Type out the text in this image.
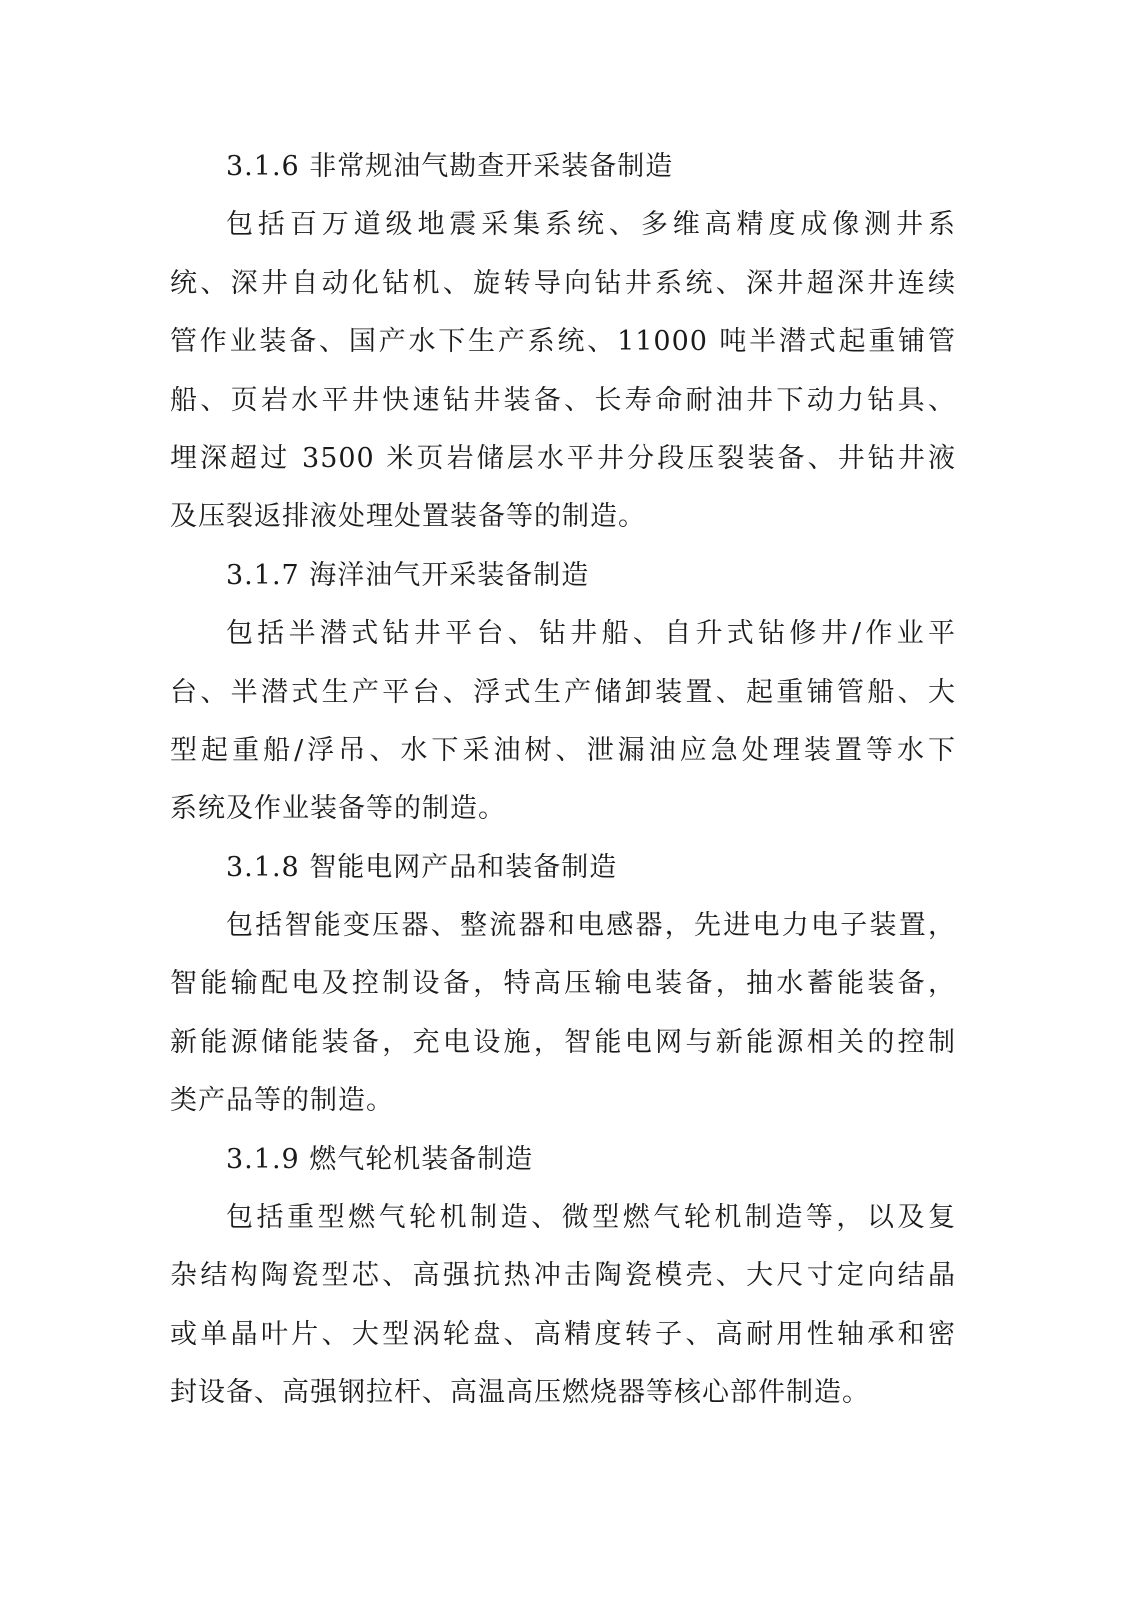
3.1.6 非常规油气勘查开采装备制造
包括百万道级地震采集系统、多维高精度成像测井系
统、深井自动化钻机、旋转导向钻井系统、深井超深井连续
管作业装备、国产水下生产系统、11000 吨半潜式起重铺管
船、页岩水平井快速钻井装备、长寿命耐油井下动力钻具、
埋深超过 3500 米页岩储层水平井分段压裂装备、井钻井液
及压裂返排液处理处置装备等的制造。
3.1.7 海洋油气开采装备制造
包括半潜式钻井平台、钻井船、自升式钻修井/作业平
台、半潜式生产平台、浮式生产储卸装置、起重铺管船、大
型起重船/浮吊、水下采油树、泄漏油应急处理装置等水下
系统及作业装备等的制造。
3.1.8 智能电网产品和装备制造
包括智能变压器、整流器和电感器，先进电力电子装置，
智能输配电及控制设备，特高压输电装备，抽水蓄能装备，
新能源储能装备，充电设施，智能电网与新能源相关的控制
类产品等的制造。
3.1.9 燃气轮机装备制造
包括重型燃气轮机制造、微型燃气轮机制造等，以及复
杂结构陶瓷型芯、高强抗热冲击陶瓷模壳、大尺寸定向结晶
或单晶叶片、大型涡轮盘、高精度转子、高耐用性轴承和密
封设备、高强钢拉杆、高温高压燃烧器等核心部件制造。
